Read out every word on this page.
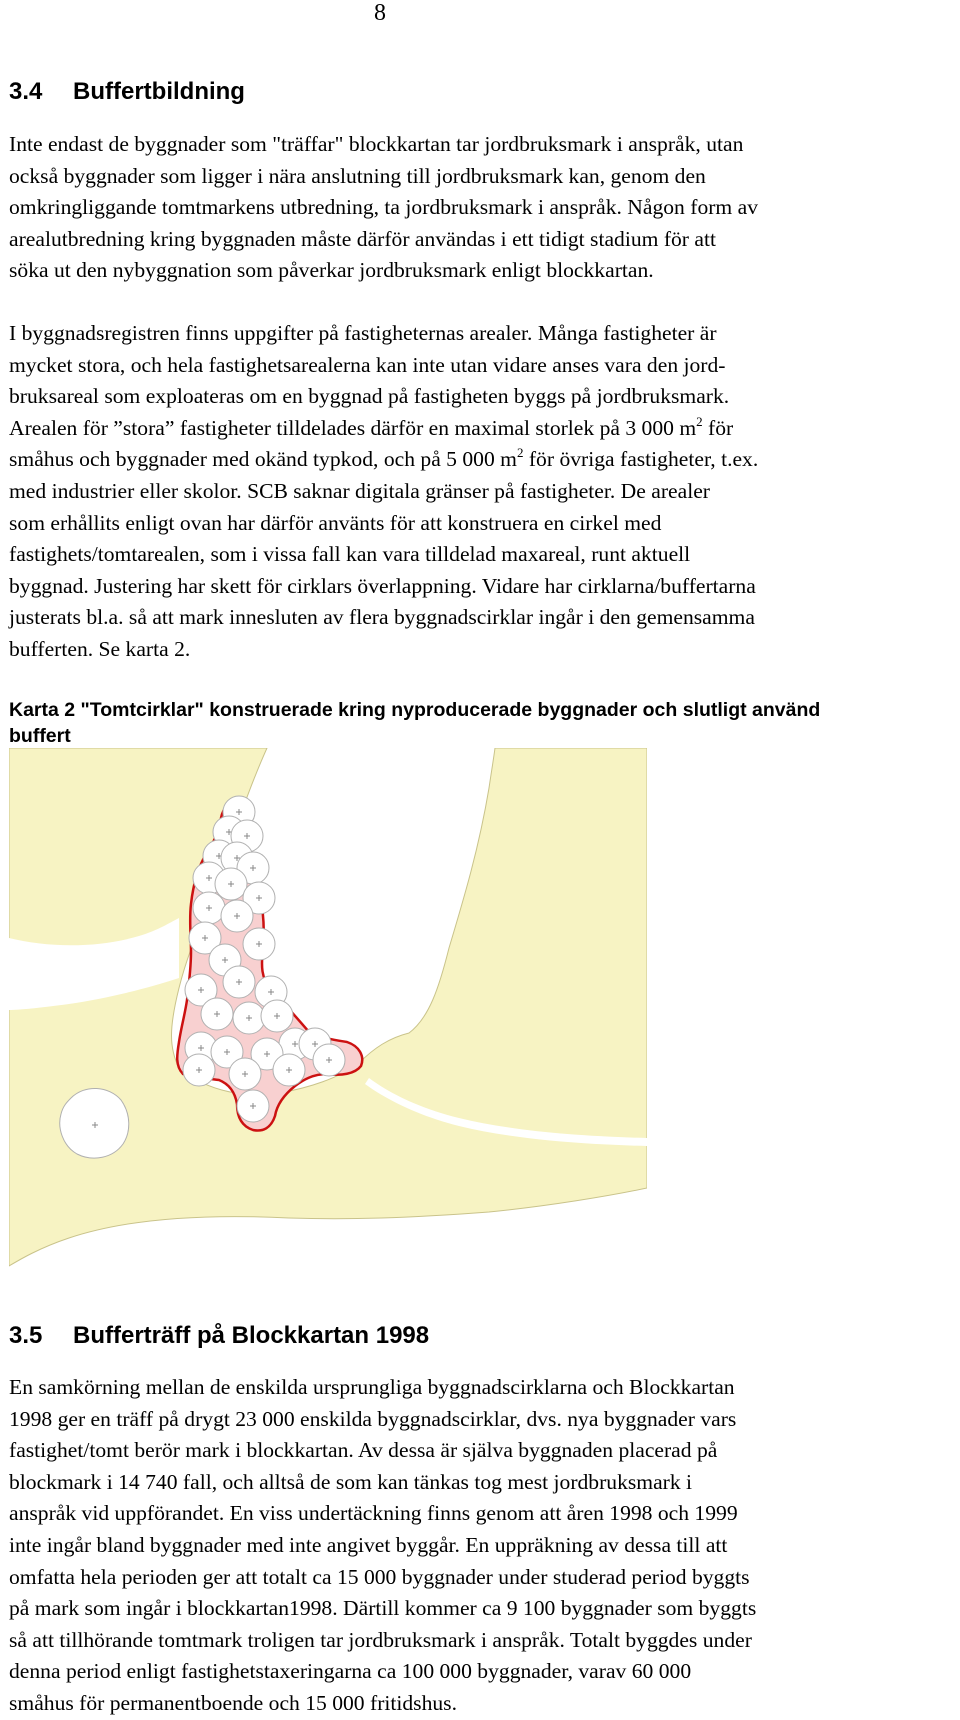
8
3.4 Buffertbildning

Inte endast de byggnader som "träffar" blockkartan tar jordbruksmark i anspråk, utan
också byggnader som ligger i nära anslutning till jordbruksmark kan, genom den
omkringliggande tomtmarkens utbredning, ta jordbruksmark i anspråk. Någon form av
arealutbredning kring byggnaden måste därför användas i ett tidigt stadium för att
söka ut den nybyggnation som påverkar jordbruksmark enligt blockkartan.

I byggnadsregistren finns uppgifter på fastigheternas arealer. Många fastigheter är
mycket stora, och hela fastighetsarealerna kan inte utan vidare anses vara den jord-
bruksareal som exploateras om en byggnad på fastigheten byggs på jordbruksmark.
Arealen för ”stora” fastigheter tilldelades därför en maximal storlek på 3 000 $m^2$ för
småhus och byggnader med okänd typkod, och på 5 000 $m^2$ för övriga fastigheter, t.ex.
med industrier eller skolor. SCB saknar digitala gränser på fastigheter. De arealer
som erhållits enligt ovan har därför använts för att konstruera en cirkel med
fastighets/tomtarealen, som i vissa fall kan vara tilldelad maxareal, runt aktuell
byggnad. Justering har skett för cirklars överlappning. Vidare har cirklarna/buffertarna
justerats bl.a. så att mark innesluten av flera byggnadscirklar ingår i den gemensamma
bufferten. Se karta 2.

Karta 2 "Tomtcirklar" konstruerade kring nyproducerade byggnader och slutligt använd
buffert

3.5 Bufferträff på Blockkartan 1998

En samkörning mellan de enskilda ursprungliga byggnadscirklarna och Blockkartan
1998 ger en träff på drygt 23 000 enskilda byggnadscirklar, dvs. nya byggnader vars
fastighet/tomt berör mark i blockkartan. Av dessa är själva byggnaden placerad på
blockmark i 14 740 fall, och alltså de som kan tänkas tog mest jordbruksmark i
anspråk vid uppförandet. En viss undertäckning finns genom att åren 1998 och 1999
inte ingår bland byggnader med inte angivet byggår. En uppräkning av dessa till att
omfatta hela perioden ger att totalt ca 15 000 byggnader under studerad period byggts
på mark som ingår i blockkartan1998. Därtill kommer ca 9 100 byggnader som byggts
så att tillhörande tomtmark troligen tar jordbruksmark i anspråk. Totalt byggdes under
denna period enligt fastighetstaxeringarna ca 100 000 byggnader, varav 60 000
småhus för permanentboende och 15 000 fritidshus.
